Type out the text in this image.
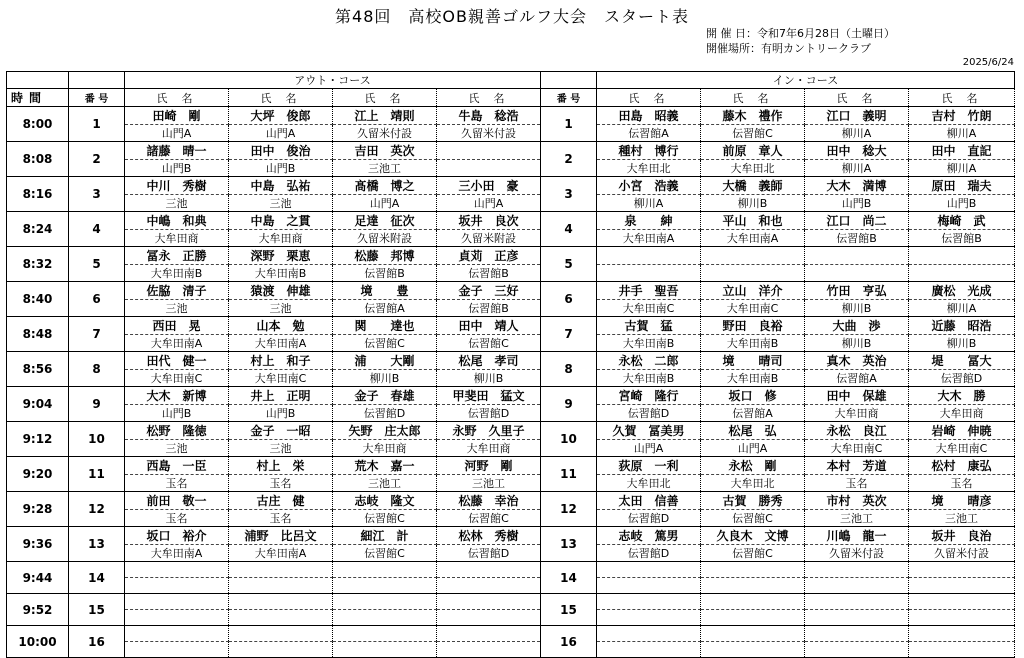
第48回　高校OB親善ゴルフ大会　スタート表
開 催 日：令和7年6月28日（土曜日）
開催場所：有明カントリークラブ
2025/6/24
		アウト・コース					イン・コース			
時間	番 号	氏名	氏名	氏名	氏名	番 号	氏名	氏名	氏名	氏名
8:00	1	田崎　剛	大坪　俊郎	江上　靖則	牛島　稔浩	1	田島　昭義	藤木　禮作	江口　義明	吉村　竹朗
		山門A	山門A	久留米付設	久留米付設		伝習館A	伝習館C	柳川A	柳川A
8:08	2	諸藤　晴一	田中　俊治	吉田　英次		2	種村　博行	前原　章人	田中　稔大	田中　直記
		山門B	山門B	三池工			大牟田北	大牟田北	柳川A	柳川A
8:16	3	中川　秀樹	中島　弘祐	髙橋　博之	三小田　豪	3	小宮　浩義	大橋　義師	大木　満博	原田　瑞夫
		三池	三池	山門A	山門A		柳川A	柳川B	山門B	山門B
8:24	4	中嶋　和典	中島　之貫	足達　征次	坂井　良次	4	泉　　紳	平山　和也	江口　尚二	梅崎　武
		大牟田商	大牟田商	久留米附設	久留米附設		大牟田南A	大牟田南A	伝習館B	伝習館B
8:32	5	冨永　正勝	深野　栗恵	松藤　邦博	貞苅　正彦	5				
		大牟田南B	大牟田南B	伝習館B	伝習館B					
8:40	6	佐脇　清子	猿渡　伸雄	境　　豊	金子　三好	6	井手　聖吾	立山　洋介	竹田　亨弘	廣松　光成
		三池	三池	伝習館A	伝習館B		大牟田南C	大牟田南C	柳川B	柳川A
8:48	7	西田　晃	山本　勉	関　　達也	田中　靖人	7	古賀　猛	野田　良裕	大曲　渉	近藤　昭浩
		大牟田南A	大牟田南A	伝習館C	伝習館C		大牟田南B	大牟田南B	柳川B	柳川B
8:56	8	田代　健一	村上　和子	浦　　大剛	松尾　孝司	8	永松　二郎	境　　晴司	真木　英治	堤　　冨大
		大牟田南C	大牟田南C	柳川B	柳川B		大牟田南B	大牟田南B	伝習館A	伝習館D
9:04	9	大木　新博	井上　正明	金子　春雄	甲斐田　猛文	9	宮崎　隆行	坂口　修	田中　保雄	大木　勝
		山門B	山門B	伝習館D	伝習館D		伝習館D	伝習館A	大牟田商	大牟田商
9:12	10	松野　隆徳	金子　一昭	矢野　庄太郎	永野　久里子	10	久賀　冨美男	松尾　弘	永松　良江	岩崎　伸暁
		三池	三池	大牟田商	大牟田商		山門A	山門A	大牟田南C	大牟田南C
9:20	11	西島　一臣	村上　栄	荒木　嘉一	河野　剛	11	荻原　一利	永松　剛	本村　芳道	松村　康弘
		玉名	玉名	三池工	三池工		大牟田北	大牟田北	玉名	玉名
9:28	12	前田　敬一	古庄　健	志岐　隆文	松藤　幸治	12	太田　信善	古賀　勝秀	市村　英次	境　　晴彦
		玉名	玉名	伝習館C	伝習館C		伝習館D	伝習館C	三池工	三池工
9:36	13	坂口　裕介	浦野　比呂文	細江　計	松林　秀樹	13	志岐　篤男	久良木　文博	川嶋　龍一	坂井　良治
		大牟田南A	大牟田南A	伝習館C	伝習館D		伝習館D	伝習館C	久留米付設	久留米付設
9:44	14					14				

9:52	15					15				

10:00	16					16				
